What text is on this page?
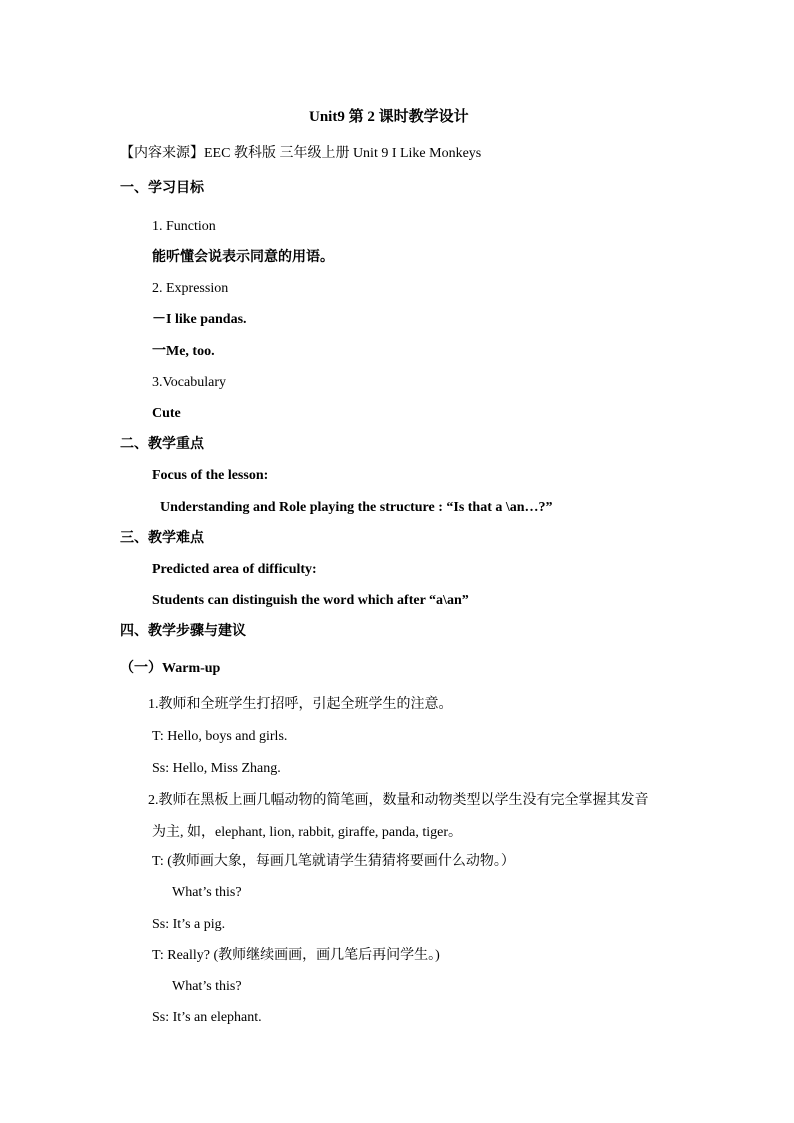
Unit9 第 2 课时教学设计
【内容来源】EEC 教科版 三年级上册 Unit 9 I Like Monkeys
一、学习目标
1. Function
能听懂会说表示同意的用语。
2. Expression
－I like pandas.
一Me, too.
3.Vocabulary
Cute
二、教学重点
Focus of the lesson:
Understanding and Role playing the structure : “Is that a \an…?”
三、教学难点
Predicted area of difficulty:
Students can distinguish the word which after “a\an”
四、教学步骤与建议
（一）Warm-up
1.教师和全班学生打招呼，引起全班学生的注意。
T: Hello, boys and girls.
Ss: Hello, Miss Zhang.
2.教师在黑板上画几幅动物的简笔画，数量和动物类型以学生没有完全掌握其发音
为主, 如，elephant, lion, rabbit, giraffe, panda, tiger。
T: (教师画大象，每画几笔就请学生猜猜将要画什么动物。）
What’s this?
Ss: It’s a pig.
T: Really? (教师继续画画，画几笔后再问学生。)
What’s this?
Ss: It’s an elephant.
